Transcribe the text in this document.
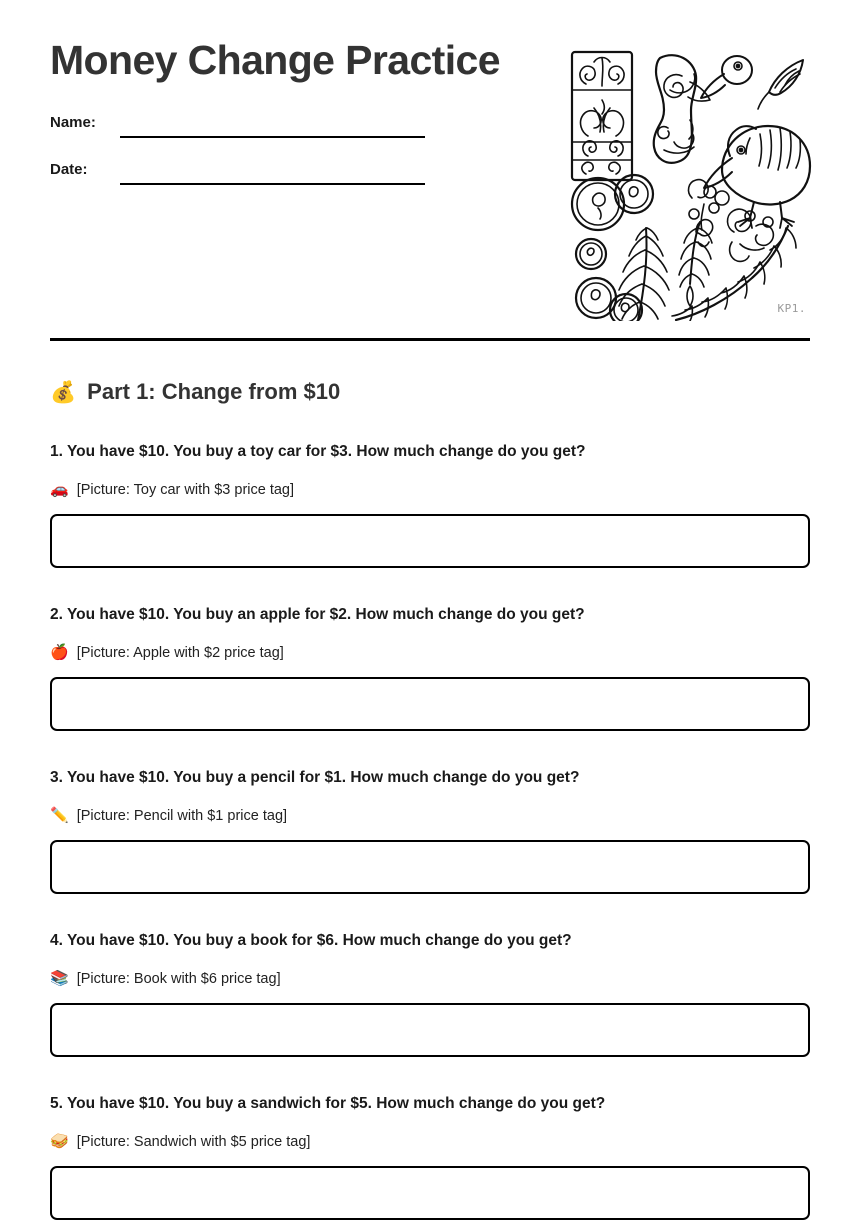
Money Change Practice
Name:
Date:
KP1.
💰 Part 1: Change from $10

1. You have $10. You buy a toy car for $3. How much change do you get?

🚗 [Picture: Toy car with $3 price tag]

2. You have $10. You buy an apple for $2. How much change do you get?

🍎 [Picture: Apple with $2 price tag]

3. You have $10. You buy a pencil for $1. How much change do you get?

✏️ [Picture: Pencil with $1 price tag]

4. You have $10. You buy a book for $6. How much change do you get?

📚 [Picture: Book with $6 price tag]

5. You have $10. You buy a sandwich for $5. How much change do you get?

🥪 [Picture: Sandwich with $5 price tag]
